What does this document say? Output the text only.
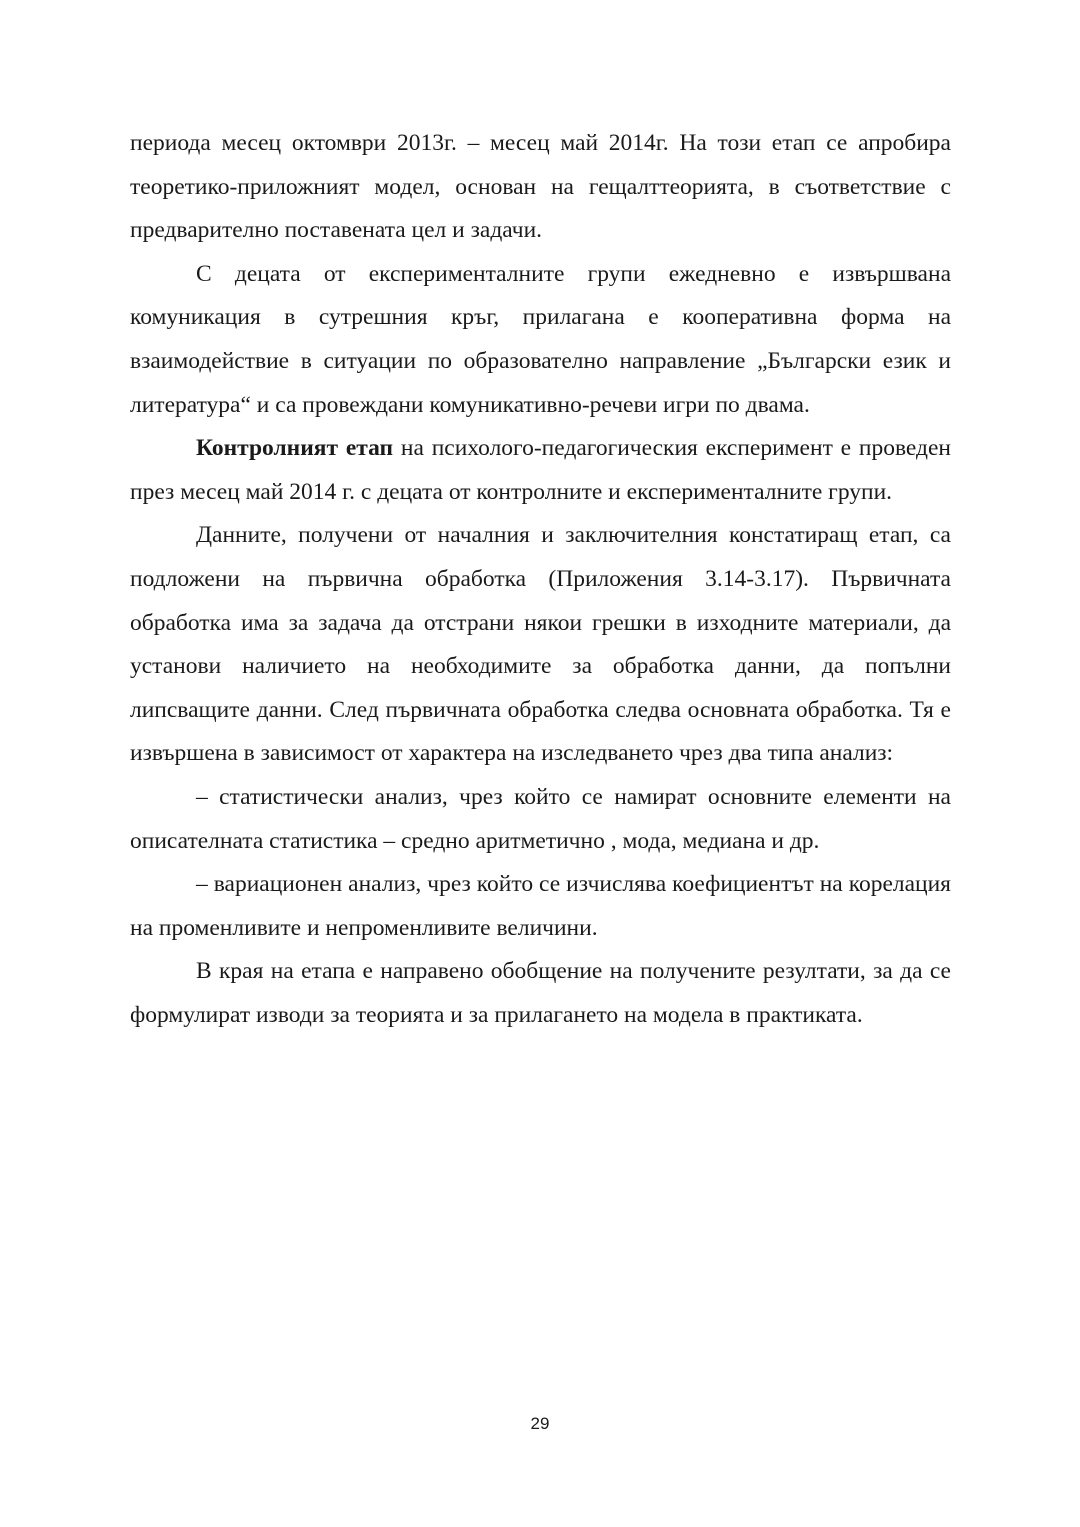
периода месец октомври 2013г. – месец май 2014г. На този етап се апробира теоретико-приложният модел, основан на гещалттеорията, в съответствие с предварително поставената цел и задачи.

С децата от експерименталните групи ежедневно е извършвана комуникация в сутрешния кръг, прилагана е кооперативна форма на взаимодействие в ситуации по образователно направление „Български език и литература“ и са провеждани комуникативно-речеви игри по двама.

Контролният етап на психолого-педагогическия експеримент е проведен през месец май 2014 г. с децата от контролните и експерименталните групи.

Данните, получени от началния и заключителния констатиращ етап, са подложени на първична обработка (Приложения 3.14-3.17). Първичната обработка има за задача да отстрани някои грешки в изходните материали, да установи наличието на необходимите за обработка данни, да попълни липсващите данни. След първичната обработка следва основната обработка. Тя е извършена в зависимост от характера на изследването чрез два типа анализ:

– статистически анализ, чрез който се намират основните елементи на описателната статистика – средно аритметично , мода, медиана и др.

– вариационен анализ, чрез който се изчислява коефициентът на корелация на променливите и непроменливите величини.

В края на етапа е направено обобщение на получените резултати, за да се формулират изводи за теорията и за прилагането на модела в практиката.

29
